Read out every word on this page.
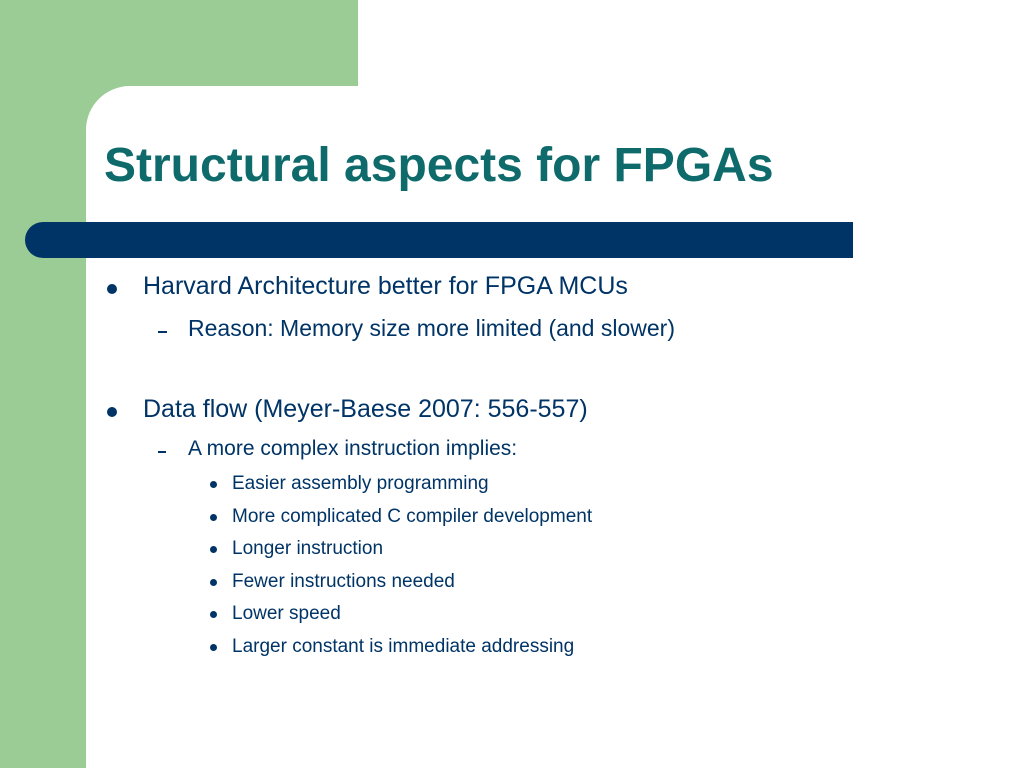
Structural aspects for FPGAs
Harvard Architecture better for FPGA MCUs
Reason: Memory size more limited (and slower)
Data flow (Meyer-Baese 2007: 556-557)
A more complex instruction implies:
Easier assembly programming
More complicated C compiler development
Longer instruction
Fewer instructions needed
Lower speed
Larger constant is immediate addressing
